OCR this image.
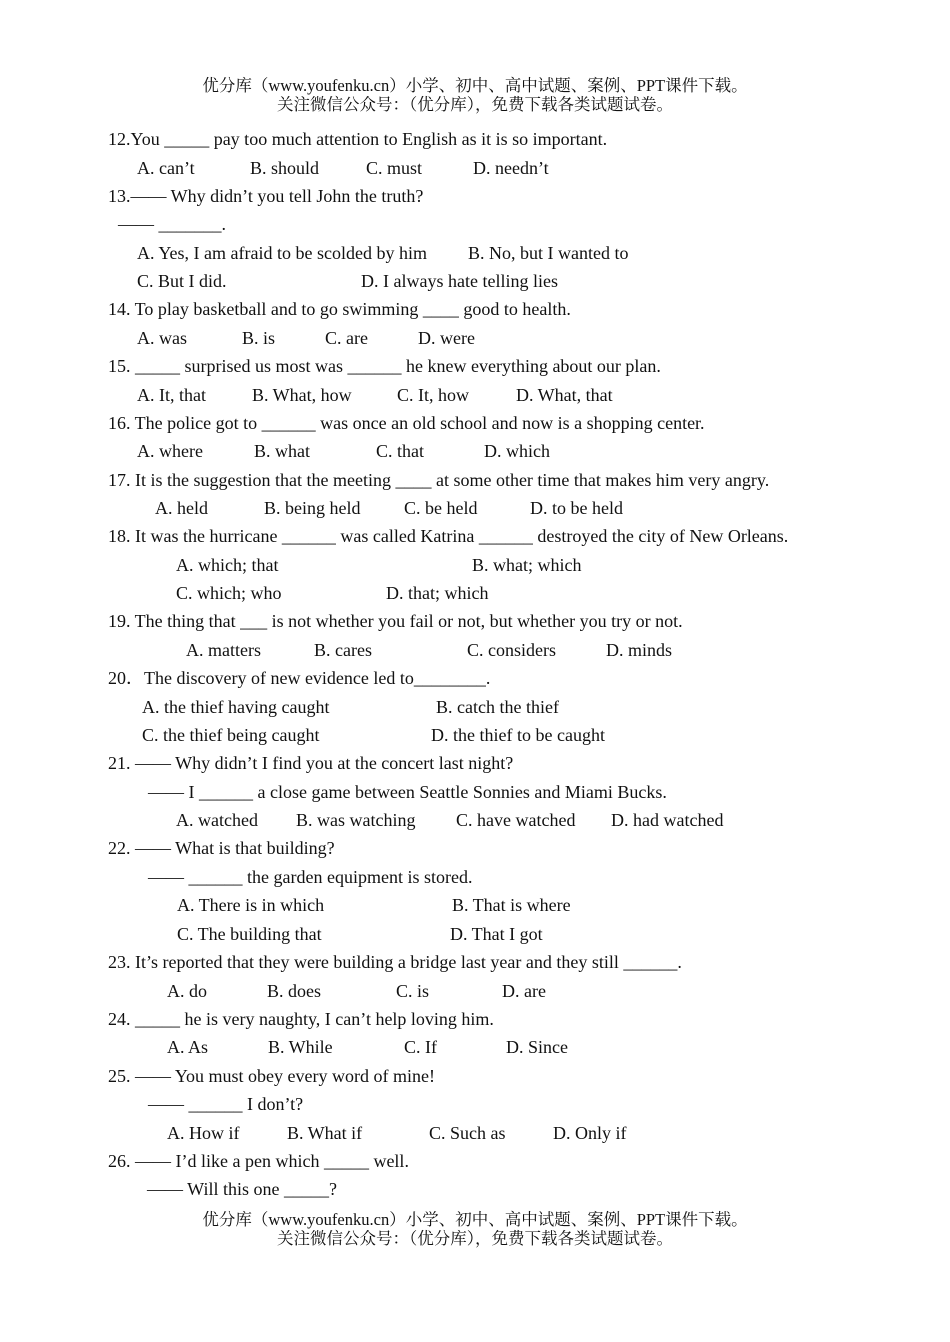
优分库（www.youfenku.cn）小学、初中、高中试题、案例、PPT课件下载。
关注微信公众号：（优分库），免费下载各类试题试卷。
12.You _____ pay too much attention to English as it is so important.
A. can’t	B. should	C. must	D. needn’t
13.—— Why didn’t you tell John the truth?
—— _______.
A. Yes, I am afraid to be scolded by him B. No, but I wanted to
C. But I did.	D. I always hate telling lies
14. To play basketball and to go swimming ____ good to health.
A. was	B. is	C. are	D. were
15. _____ surprised us most was ______ he knew everything about our plan.
A. It, that	B. What, how	C. It, how	D. What, that
16. The police got to ______ was once an old school and now is a shopping center.
A. where	B. what	C. that	D. which
17. It is the suggestion that the meeting ____ at some other time that makes him very angry.
A. held	B. being held C. be held	D. to be held
18. It was the hurricane ______ was called Katrina ______ destroyed the city of New Orleans.
A. which; that	B. what; which
C. which; who	D. that; which
19. The thing that ___ is not whether you fail or not, but whether you try or not.
A. matters	B. cares	C. considers	D. minds
20．The discovery of new evidence led to________.
A. the thief having caught	B. catch the thief
C. the thief being caught	D. the thief to be caught
21. —— Why didn’t I find you at the concert last night?
—— I ______ a close game between Seattle Sonnies and Miami Bucks.
A. watched B. was watching C. have watched D. had watched
22. —— What is that building?
—— ______ the garden equipment is stored.
A. There is in which	B. That is where
C. The building that	D. That I got
23. It’s reported that they were building a bridge last year and they still ______.
A. do	B. does	C. is	D. are
24. _____ he is very naughty, I can’t help loving him.
A. As	B. While	C. If	D. Since
25. —— You must obey every word of mine!
—— ______ I don’t?
A. How if	B. What if	C. Such as	D. Only if
26. —— I’d like a pen which _____ well.
—— Will this one _____?
优分库（www.youfenku.cn）小学、初中、高中试题、案例、PPT课件下载。
关注微信公众号：（优分库），免费下载各类试题试卷。
